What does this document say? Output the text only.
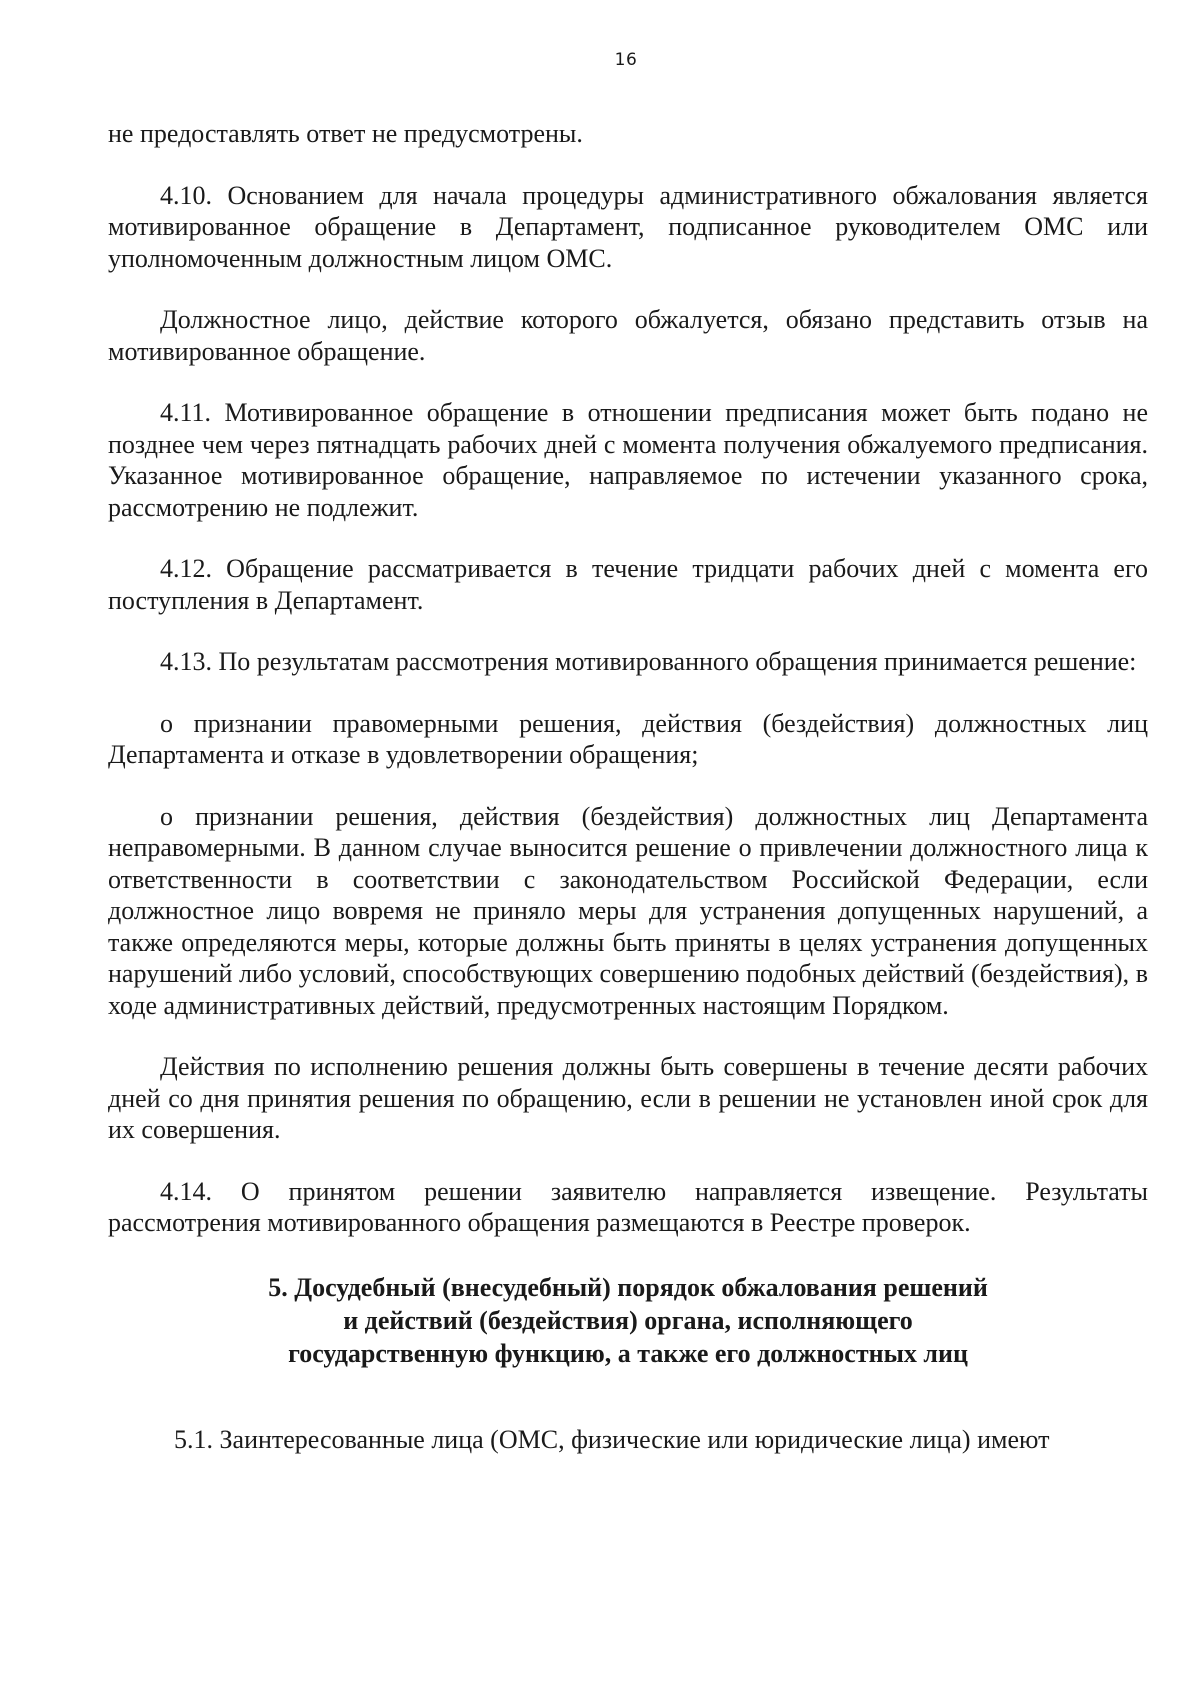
16

не предоставлять ответ не предусмотрены.

4.10. Основанием для начала процедуры административного обжалования является мотивированное обращение в Департамент, подписанное руководителем ОМС или уполномоченным должностным лицом ОМС.

Должностное лицо, действие которого обжалуется, обязано представить отзыв на мотивированное обращение.

4.11. Мотивированное обращение в отношении предписания может быть подано не позднее чем через пятнадцать рабочих дней с момента получения обжалуемого предписания. Указанное мотивированное обращение, направляемое по истечении указанного срока, рассмотрению не подлежит.

4.12. Обращение рассматривается в течение тридцати рабочих дней с момента его поступления в Департамент.

4.13. По результатам рассмотрения мотивированного обращения принимается решение:

о признании правомерными решения, действия (бездействия) должностных лиц Департамента и отказе в удовлетворении обращения;

о признании решения, действия (бездействия) должностных лиц Департамента неправомерными. В данном случае выносится решение о привлечении должностного лица к ответственности в соответствии с законодательством Российской Федерации, если должностное лицо вовремя не приняло меры для устранения допущенных нарушений, а также определяются меры, которые должны быть приняты в целях устранения допущенных нарушений либо условий, способствующих совершению подобных действий (бездействия), в ходе административных действий, предусмотренных настоящим Порядком.

Действия по исполнению решения должны быть совершены в течение десяти рабочих дней со дня принятия решения по обращению, если в решении не установлен иной срок для их совершения.

4.14. О принятом решении заявителю направляется извещение. Результаты рассмотрения мотивированного обращения размещаются в Реестре проверок.

5. Досудебный (внесудебный) порядок обжалования решений
и действий (бездействия) органа, исполняющего
государственную функцию, а также его должностных лиц

5.1. Заинтересованные лица (ОМС, физические или юридические лица) имеют
